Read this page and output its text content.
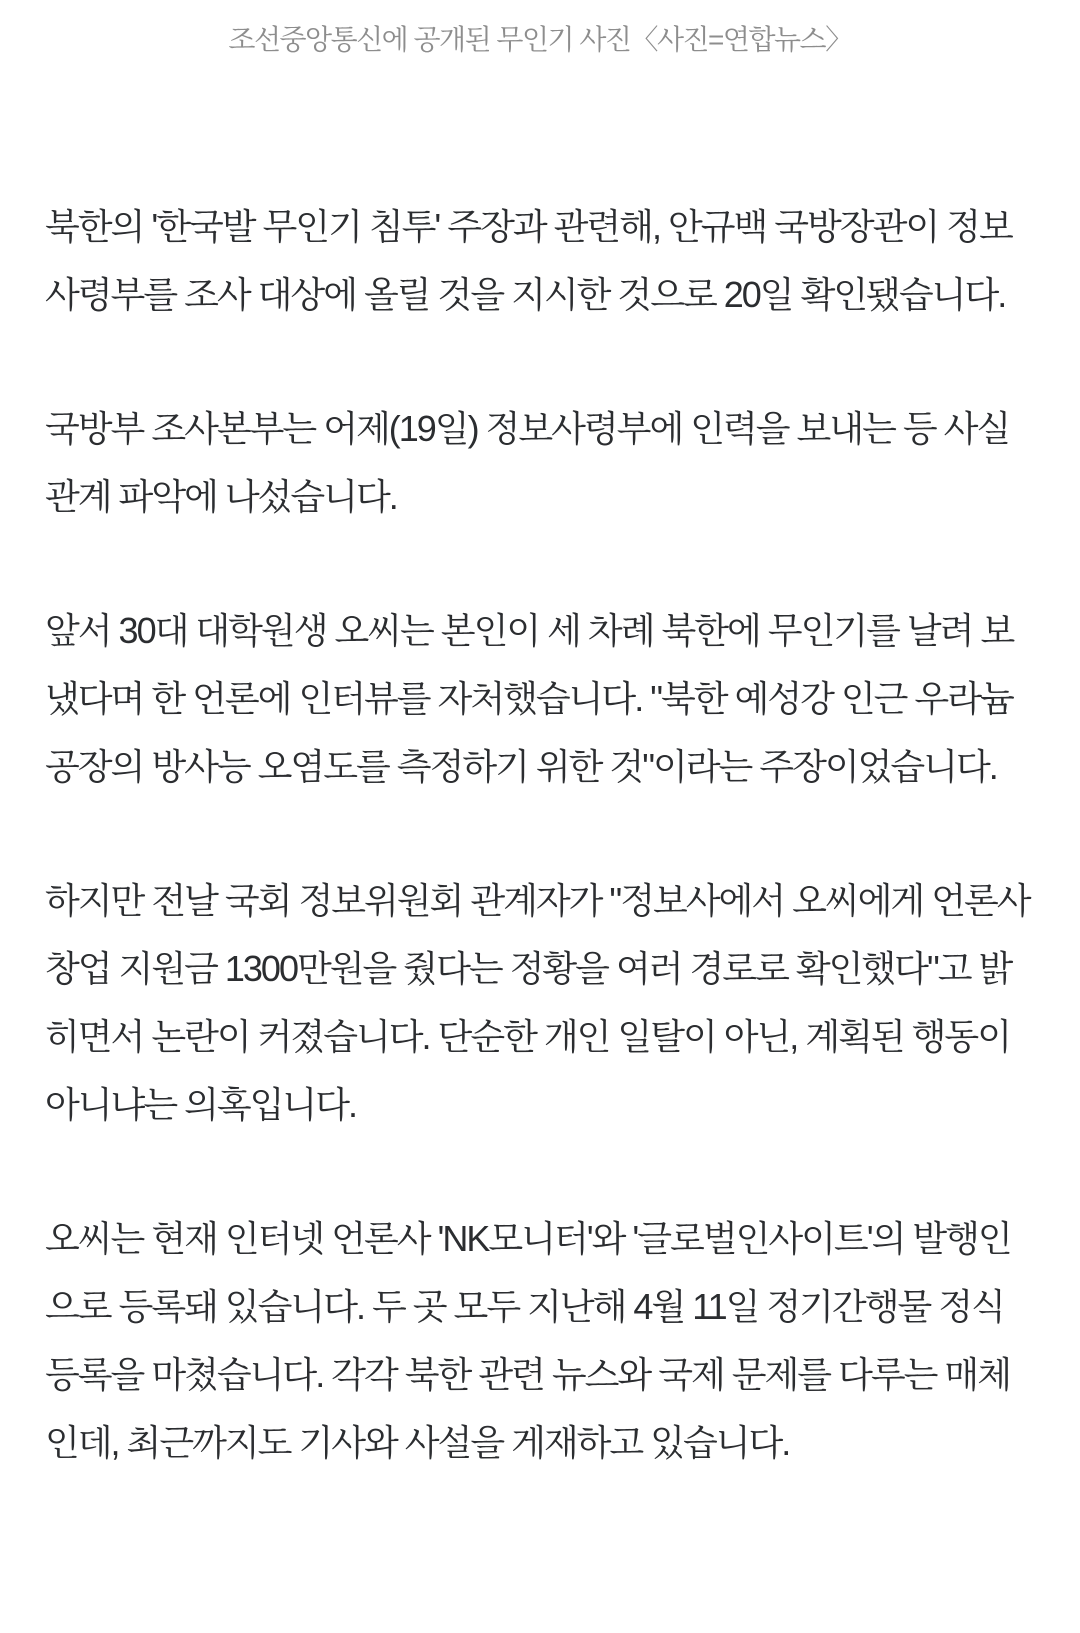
조선중앙통신에 공개된 무인기 사진〈사진=연합뉴스〉

북한의 '한국발 무인기 침투' 주장과 관련해, 안규백 국방장관이 정보사령부를 조사 대상에 올릴 것을 지시한 것으로 20일 확인됐습니다.

국방부 조사본부는 어제(19일) 정보사령부에 인력을 보내는 등 사실관계 파악에 나섰습니다.

앞서 30대 대학원생 오씨는 본인이 세 차례 북한에 무인기를 날려 보냈다며 한 언론에 인터뷰를 자처했습니다. "북한 예성강 인근 우라늄 공장의 방사능 오염도를 측정하기 위한 것"이라는 주장이었습니다.

하지만 전날 국회 정보위원회 관계자가 "정보사에서 오씨에게 언론사 창업 지원금 1300만원을 줬다는 정황을 여러 경로로 확인했다"고 밝히면서 논란이 커졌습니다. 단순한 개인 일탈이 아닌, 계획된 행동이 아니냐는 의혹입니다.

오씨는 현재 인터넷 언론사 'NK모니터'와 '글로벌인사이트'의 발행인으로 등록돼 있습니다. 두 곳 모두 지난해 4월 11일 정기간행물 정식 등록을 마쳤습니다. 각각 북한 관련 뉴스와 국제 문제를 다루는 매체인데, 최근까지도 기사와 사설을 게재하고 있습니다.
